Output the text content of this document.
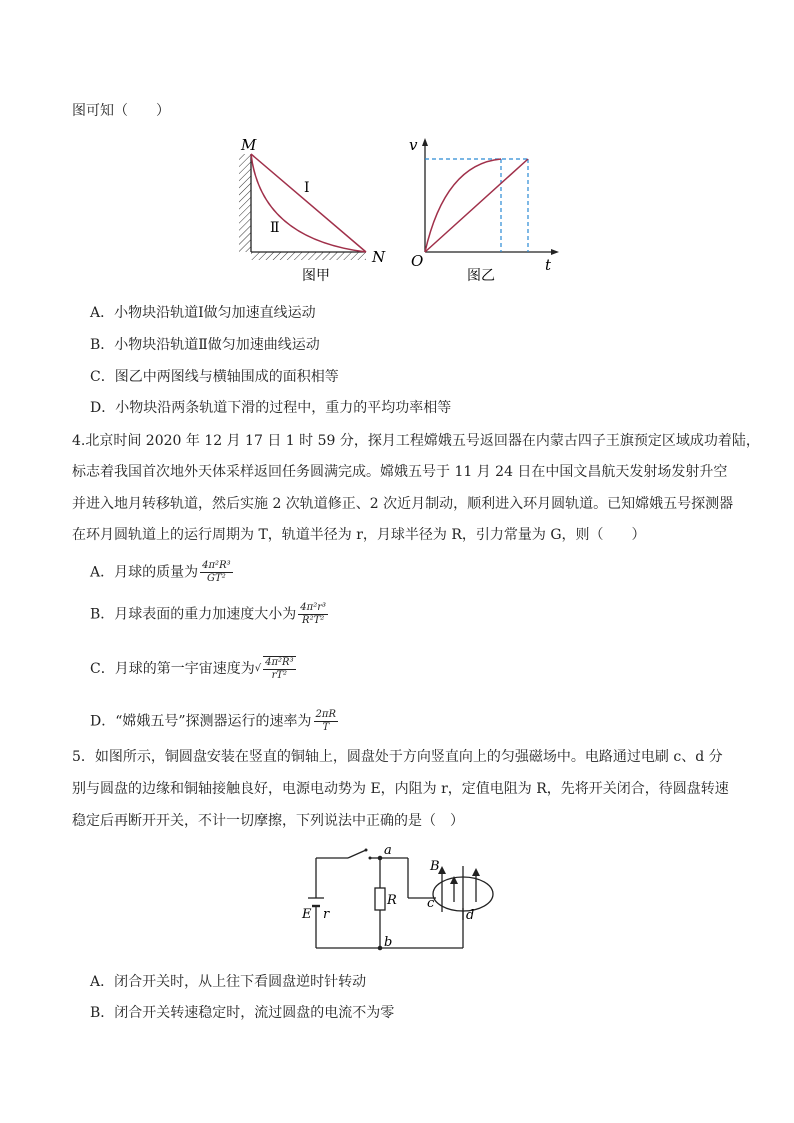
图可知（　　）
M
N
Ⅰ
Ⅱ
图甲
v
O	t
图乙
A．小物块沿轨道Ⅰ做匀加速直线运动
B．小物块沿轨道Ⅱ做匀加速曲线运动
C．图乙中两图线与横轴围成的面积相等
D．小物块沿两条轨道下滑的过程中，重力的平均功率相等
4.北京时间 2020 年 12 月 17 日 1 时 59 分，探月工程嫦娥五号返回器在内蒙古四子王旗预定区域成功着陆，
标志着我国首次地外天体采样返回任务圆满完成。嫦娥五号于 11 月 24 日在中国文昌航天发射场发射升空
并进入地月转移轨道，然后实施 2 次轨道修正、2 次近月制动，顺利进入环月圆轨道。已知嫦娥五号探测器
在环月圆轨道上的运行周期为 T，轨道半径为 r，月球半径为 R，引力常量为 G，则（　　）
A．月球的质量为 $\frac{\text{4π²R³}}{\text{GT²}}$
B．月球表面的重力加速度大小为 $\frac{\text{4π²r³}}{\text{R²T²}}$
C．月球的第一宇宙速度为√ $\frac{\text{4π²R³}}{\text{rT²}}$
D．“嫦娥五号”探测器运行的速率为 $\frac{2\pi R}{T}$
5．如图所示，铜圆盘安装在竖直的铜轴上，圆盘处于方向竖直向上的匀强磁场中。电路通过电刷 c、d 分
别与圆盘的边缘和铜轴接触良好，电源电动势为 E，内阻为 r，定值电阻为 R，先将开关闭合，待圆盘转速
稳定后再断开开关，不计一切摩擦，下列说法中正确的是（　）
a
b
c
d
R
E r
B
A．闭合开关时，从上往下看圆盘逆时针转动
B．闭合开关转速稳定时，流过圆盘的电流不为零
